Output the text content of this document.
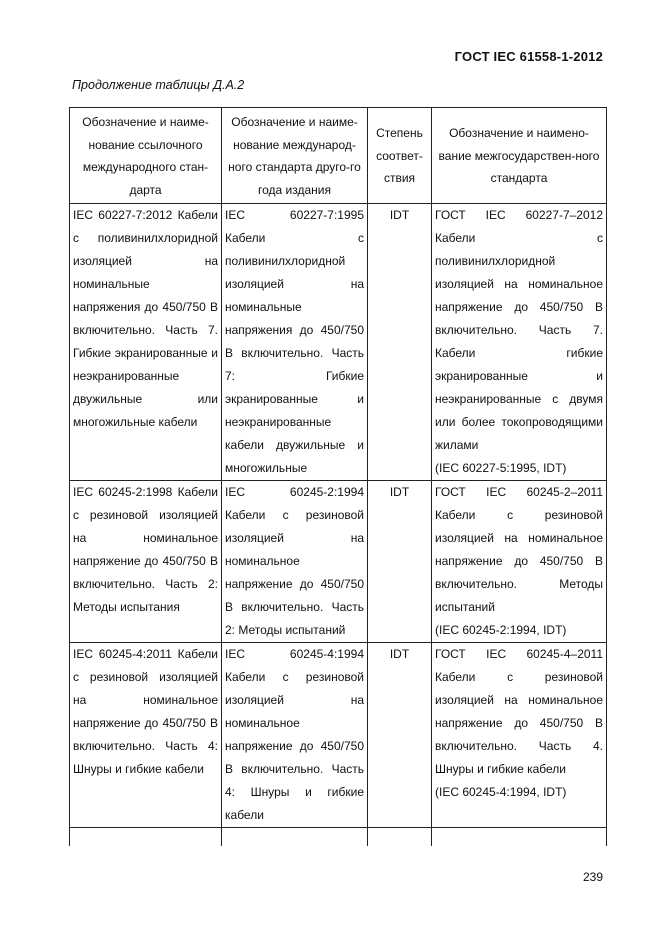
ГОСТ IEC 61558-1-2012
Продолжение таблицы Д.А.2
Обозначение и наиме-нование ссылочного международного стан-дарта	Обозначение и наиме-нование международ-ного стандарта друго-го года издания	Степень соответ-ствия	Обозначение и наимено-вание межгосударствен-ного стандарта
IEC 60227-7:2012 Кабели с поливинилхлоридной изоляцией на номинальные напряжения до 450/750 В включительно. Часть 7. Гибкие экранированные и неэкранированные двужильные или многожильные кабели	IEC 60227-7:1995 Кабели с поливинилхлоридной изоляцией на номинальные напряжения до 450/750 В включительно. Часть 7: Гибкие экранированные и неэкранированные кабели двужильные и многожильные	IDT	ГОСТ IEC 60227-7–2012 Кабели с поливинилхлоридной изоляцией на номинальное напряжение до 450/750 В включительно. Часть 7. Кабели гибкие экранированные и неэкранированные с двумя или более токопроводящими жилами
(IEC 60227-5:1995, IDT)

IEC 60245-2:1998 Кабели с резиновой изоляцией на номинальное напряжение до 450/750 В включительно. Часть 2: Методы испытания	IEC 60245-2:1994 Кабели с резиновой изоляцией на номинальное напряжение до 450/750 В включительно. Часть 2: Методы испытаний	IDT	ГОСТ IEC 60245-2–2011 Кабели с резиновой изоляцией на номинальное напряжение до 450/750 В включительно. Методы испытаний
(IEC 60245-2:1994, IDT)

IEC 60245-4:2011 Кабели с резиновой изоляцией на номинальное напряжение до 450/750 В включительно. Часть 4: Шнуры и гибкие кабели	IEC 60245-4:1994 Кабели с резиновой изоляцией на номинальное напряжение до 450/750 В включительно. Часть 4: Шнуры и гибкие кабели	IDT	ГОСТ IEC 60245-4–2011 Кабели с резиновой изоляцией на номинальное напряжение до 450/750 В включительно. Часть 4. Шнуры и гибкие кабели
(IEC 60245-4:1994, IDT)

239
